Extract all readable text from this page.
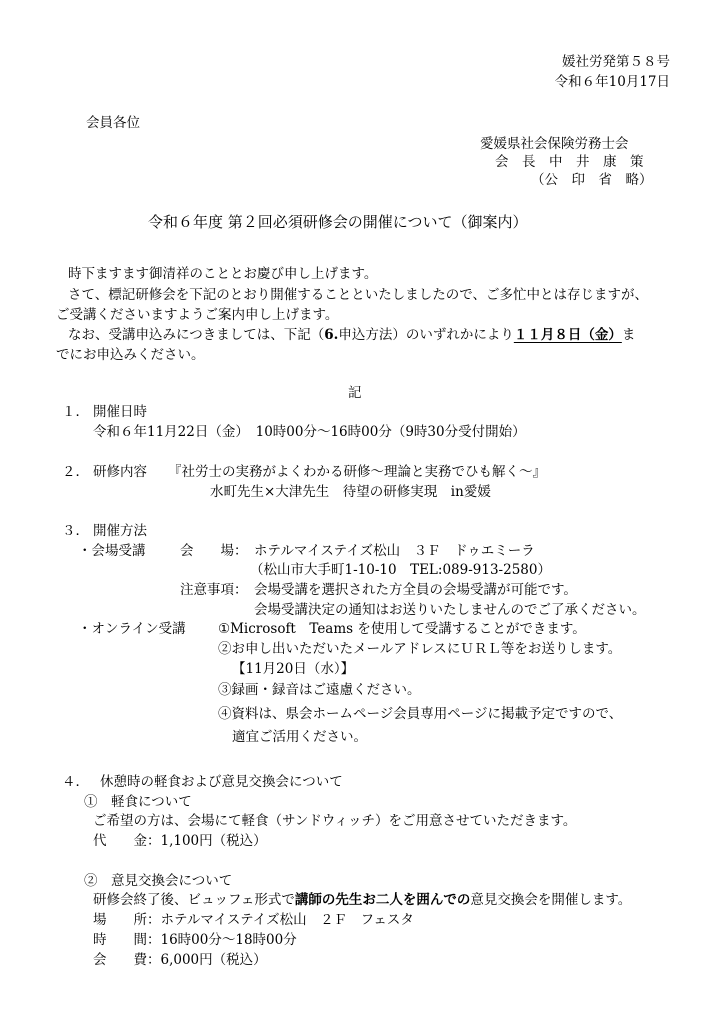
媛社労発第５８号
令和６年10月17日
会員各位
愛媛県社会保険労務士会
会　長　中　井　康　策
（公　印　省　略）
令和６年度 第２回必須研修会の開催について（御案内）
時下ますます御清祥のこととお慶び申し上げます。
さて、標記研修会を下記のとおり開催することといたしましたので、ご多忙中とは存じますが、
ご受講くださいますようご案内申し上げます。
なお、受講申込みにつきましては、下記（6.申込方法）のいずれかにより１１月８日（金）ま
でにお申込みください。
記
１． 開催日時
令和６年11月22日（金）　10時00分～16時00分（9時30分受付開始）
２． 研修内容 『社労士の実務がよくわかる研修～理論と実務でひも解く～』
水町先生×大津先生　待望の研修実現　in愛媛
３． 開催方法
・会場受講	会　　場： ホテルマイステイズ松山　３Ｆ　ドゥエミーラ
（松山市大手町1-10-10　TEL:089-913-2580）
注意事項： 会場受講を選択された方全員の会場受講が可能です。
会場受講決定の通知はお送りいたしませんのでご了承ください。
・オンライン受講 ①Microsoft　Teams を使用して受講することができます。
②お申し出いただいたメールアドレスにＵＲＬ等をお送りします。
【11月20日（水）】
③録画・録音はご遠慮ください。
④資料は、県会ホームページ会員専用ページに掲載予定ですので、
適宜ご活用ください。
４． 休憩時の軽食および意見交換会について
①　軽食について
ご希望の方は、会場にて軽食（サンドウィッチ）をご用意させていただきます。
代　　金：1,100円（税込）
②　意見交換会について
研修会終了後、ビュッフェ形式で講師の先生お二人を囲んでの意見交換会を開催します。
場　　所：ホテルマイステイズ松山　２Ｆ　フェスタ
時　　間：16時00分～18時00分
会　　費：6,000円（税込）
